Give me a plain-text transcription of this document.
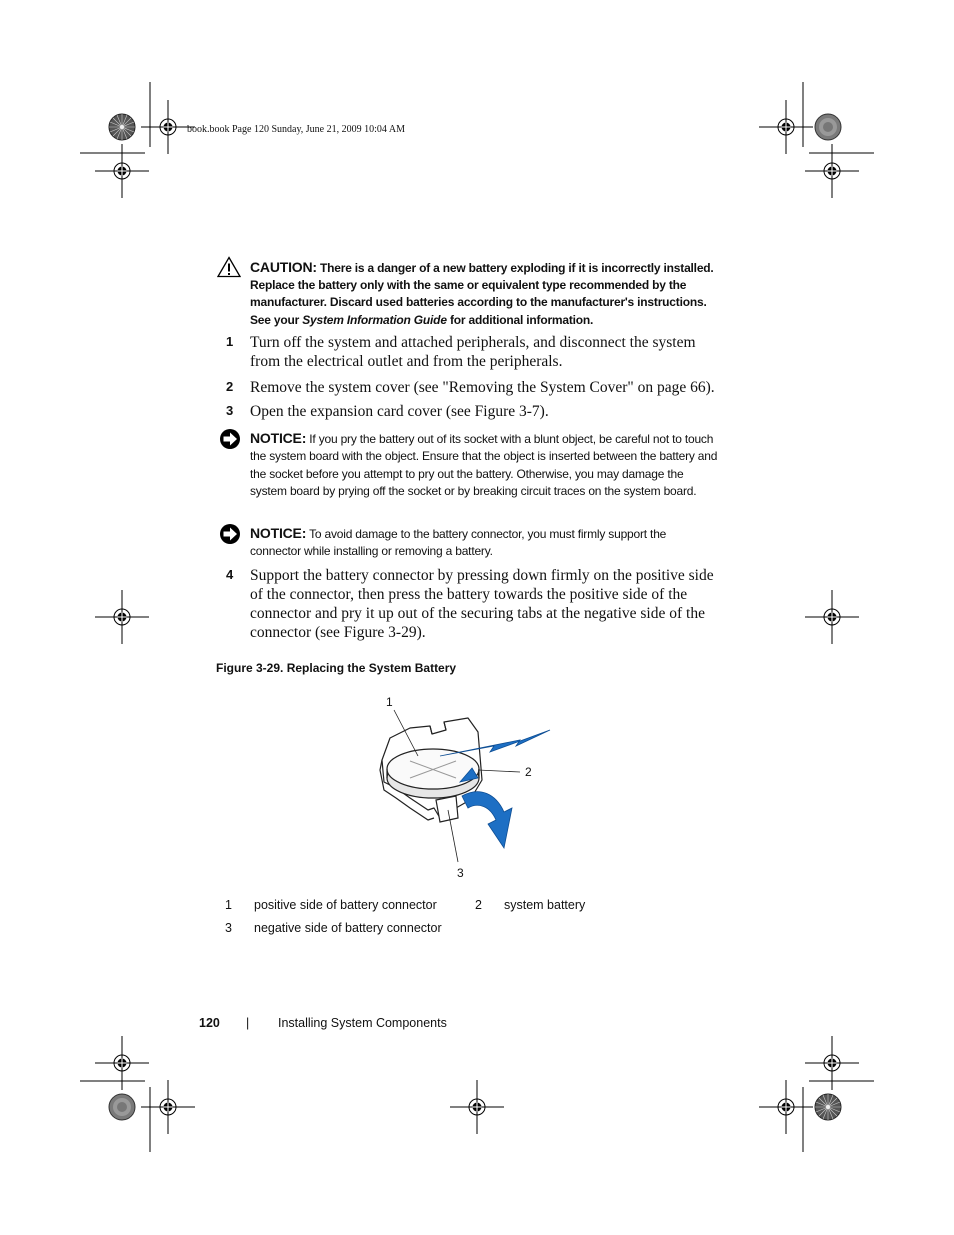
book.book Page 120 Sunday, June 21, 2009 10:04 AM
CAUTION: There is a danger of a new battery exploding if it is incorrectly installed. Replace the battery only with the same or equivalent type recommended by the manufacturer. Discard used batteries according to the manufacturer's instructions. See your System Information Guide for additional information.
1 Turn off the system and attached peripherals, and disconnect the system from the electrical outlet and from the peripherals.
2 Remove the system cover (see "Removing the System Cover" on page 66).
3 Open the expansion card cover (see Figure 3-7).
NOTICE: If you pry the battery out of its socket with a blunt object, be careful not to touch the system board with the object. Ensure that the object is inserted between the battery and the socket before you attempt to pry out the battery. Otherwise, you may damage the system board by prying off the socket or by breaking circuit traces on the system board.
NOTICE: To avoid damage to the battery connector, you must firmly support the connector while installing or removing a battery.
4 Support the battery connector by pressing down firmly on the positive side of the connector, then press the battery towards the positive side of the connector and pry it up out of the securing tabs at the negative side of the connector (see Figure 3-29).
Figure 3-29. Replacing the System Battery
1
2
3
1 positive side of battery connector	2 system battery
3 negative side of battery connector
120 | Installing System Components
